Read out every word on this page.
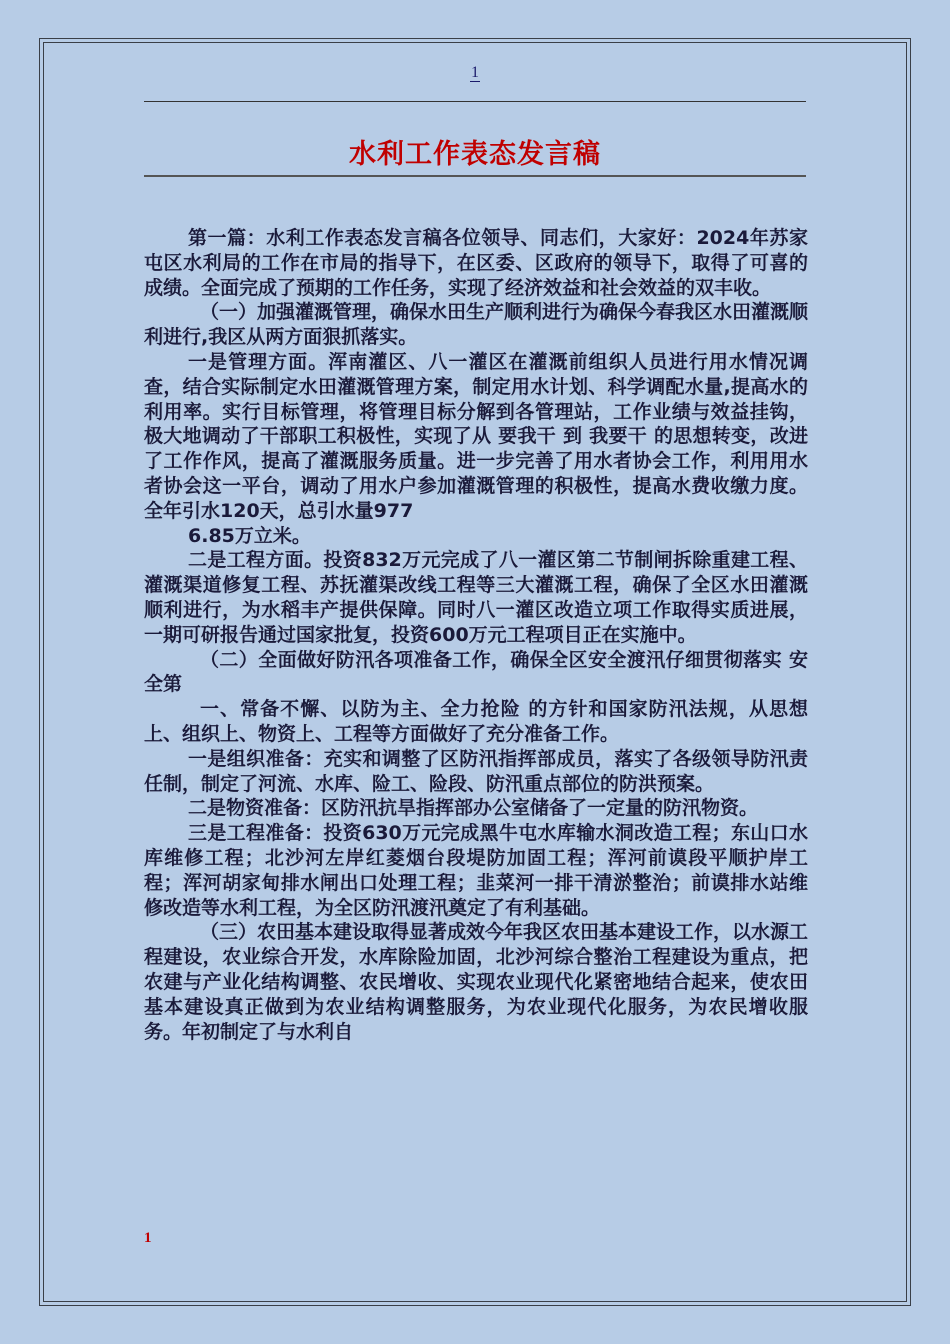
1
水利工作表态发言稿

第一篇：水利工作表态发言稿各位领导、同志们，大家好：2024年苏家屯区水利局的工作在市局的指导下，在区委、区政府的领导下，取得了可喜的成绩。全面完成了预期的工作任务，实现了经济效益和社会效益的双丰收。

（一）加强灌溉管理，确保水田生产顺利进行为确保今春我区水田灌溉顺利进行,我区从两方面狠抓落实。

一是管理方面。浑南灌区、八一灌区在灌溉前组织人员进行用水情况调查，结合实际制定水田灌溉管理方案，制定用水计划、科学调配水量,提高水的利用率。实行目标管理，将管理目标分解到各管理站，工作业绩与效益挂钩，极大地调动了干部职工积极性，实现了从 要我干 到 我要干 的思想转变，改进了工作作风，提高了灌溉服务质量。进一步完善了用水者协会工作，利用用水者协会这一平台，调动了用水户参加灌溉管理的积极性，提高水费收缴力度。全年引水120天，总引水量977

6.85万立米。

二是工程方面。投资832万元完成了八一灌区第二节制闸拆除重建工程、灌溉渠道修复工程、苏抚灌渠改线工程等三大灌溉工程，确保了全区水田灌溉顺利进行，为水稻丰产提供保障。同时八一灌区改造立项工作取得实质进展，一期可研报告通过国家批复，投资600万元工程项目正在实施中。

（二）全面做好防汛各项准备工作，确保全区安全渡汛仔细贯彻落实 安全第

一、常备不懈、以防为主、全力抢险 的方针和国家防汛法规，从思想上、组织上、物资上、工程等方面做好了充分准备工作。

一是组织准备：充实和调整了区防汛指挥部成员，落实了各级领导防汛责任制，制定了河流、水库、险工、险段、防汛重点部位的防洪预案。

二是物资准备：区防汛抗旱指挥部办公室储备了一定量的防汛物资。

三是工程准备：投资630万元完成黑牛屯水库输水洞改造工程；东山口水库维修工程；北沙河左岸红菱烟台段堤防加固工程；浑河前谟段平顺护岸工程；浑河胡家甸排水闸出口处理工程；韭菜河一排干清淤整治；前谟排水站维修改造等水利工程，为全区防汛渡汛奠定了有利基础。

（三）农田基本建设取得显著成效今年我区农田基本建设工作，以水源工程建设，农业综合开发，水库除险加固，北沙河综合整治工程建设为重点，把农建与产业化结构调整、农民增收、实现农业现代化紧密地结合起来，使农田基本建设真正做到为农业结构调整服务，为农业现代化服务，为农民增收服务。年初制定了与水利自

1
